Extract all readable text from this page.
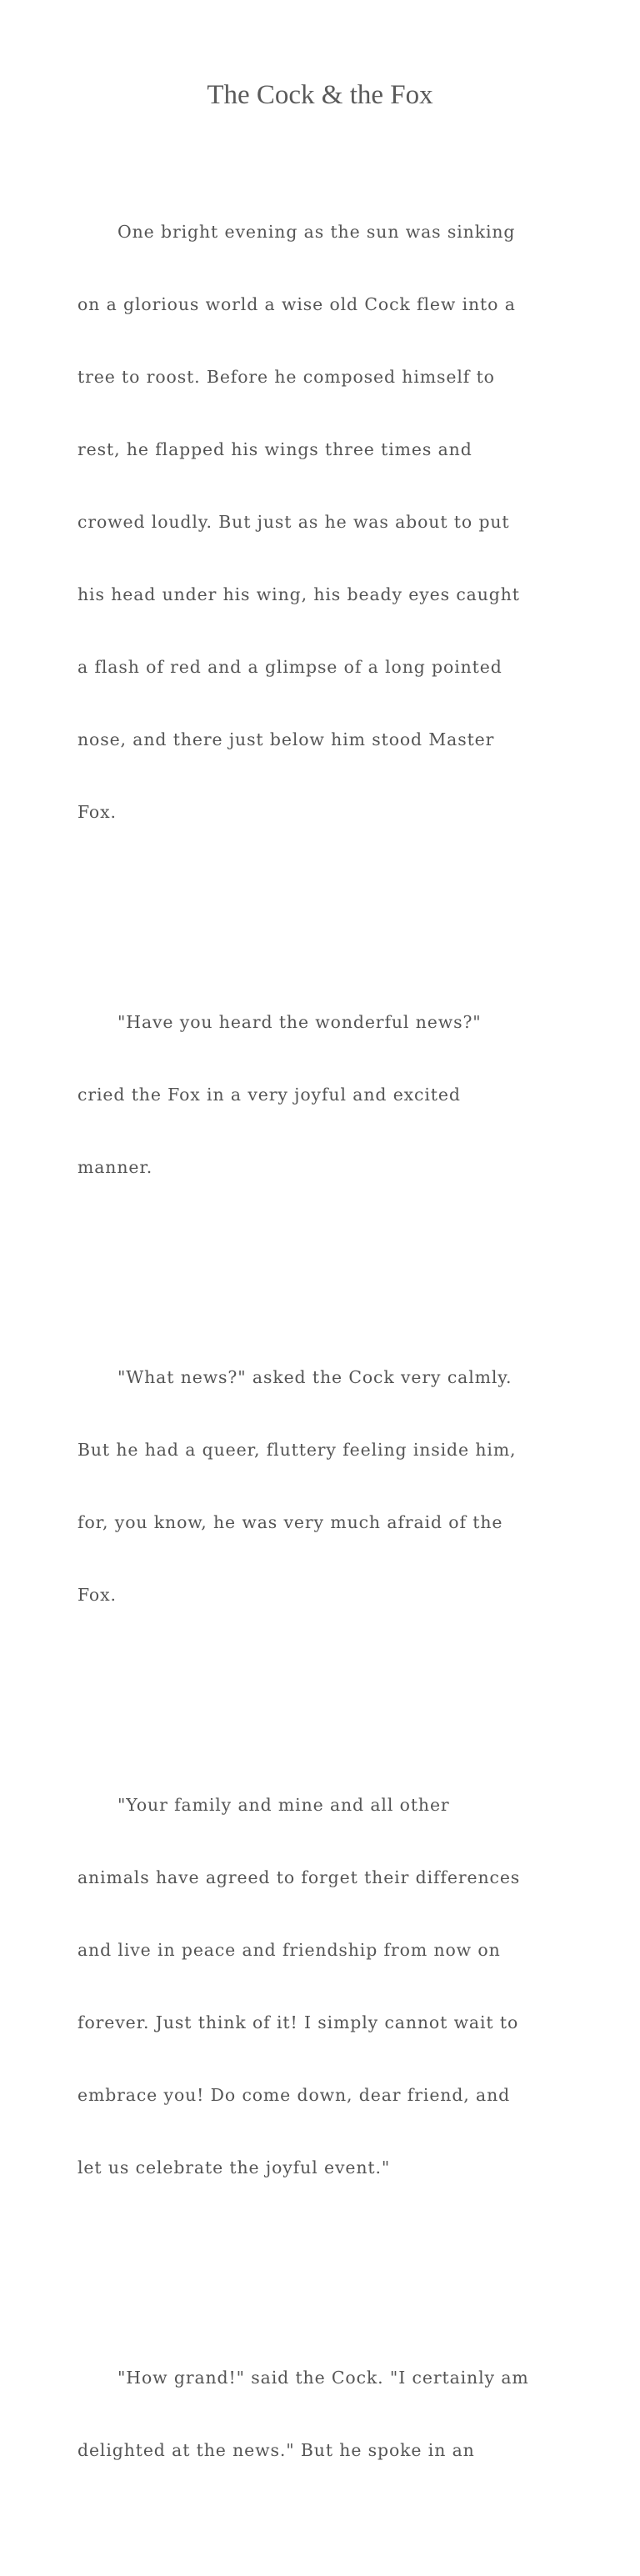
The Cock & the Fox

One bright evening as the sun was sinking

on a glorious world a wise old Cock flew into a

tree to roost. Before he composed himself to

rest, he flapped his wings three times and

crowed loudly. But just as he was about to put

his head under his wing, his beady eyes caught

a flash of red and a glimpse of a long pointed

nose, and there just below him stood Master

Fox.

"Have you heard the wonderful news?"

cried the Fox in a very joyful and excited

manner.

"What news?" asked the Cock very calmly.

But he had a queer, fluttery feeling inside him,

for, you know, he was very much afraid of the

Fox.

"Your family and mine and all other

animals have agreed to forget their differences

and live in peace and friendship from now on

forever. Just think of it! I simply cannot wait to

embrace you! Do come down, dear friend, and

let us celebrate the joyful event."

"How grand!" said the Cock. "I certainly am

delighted at the news." But he spoke in an
